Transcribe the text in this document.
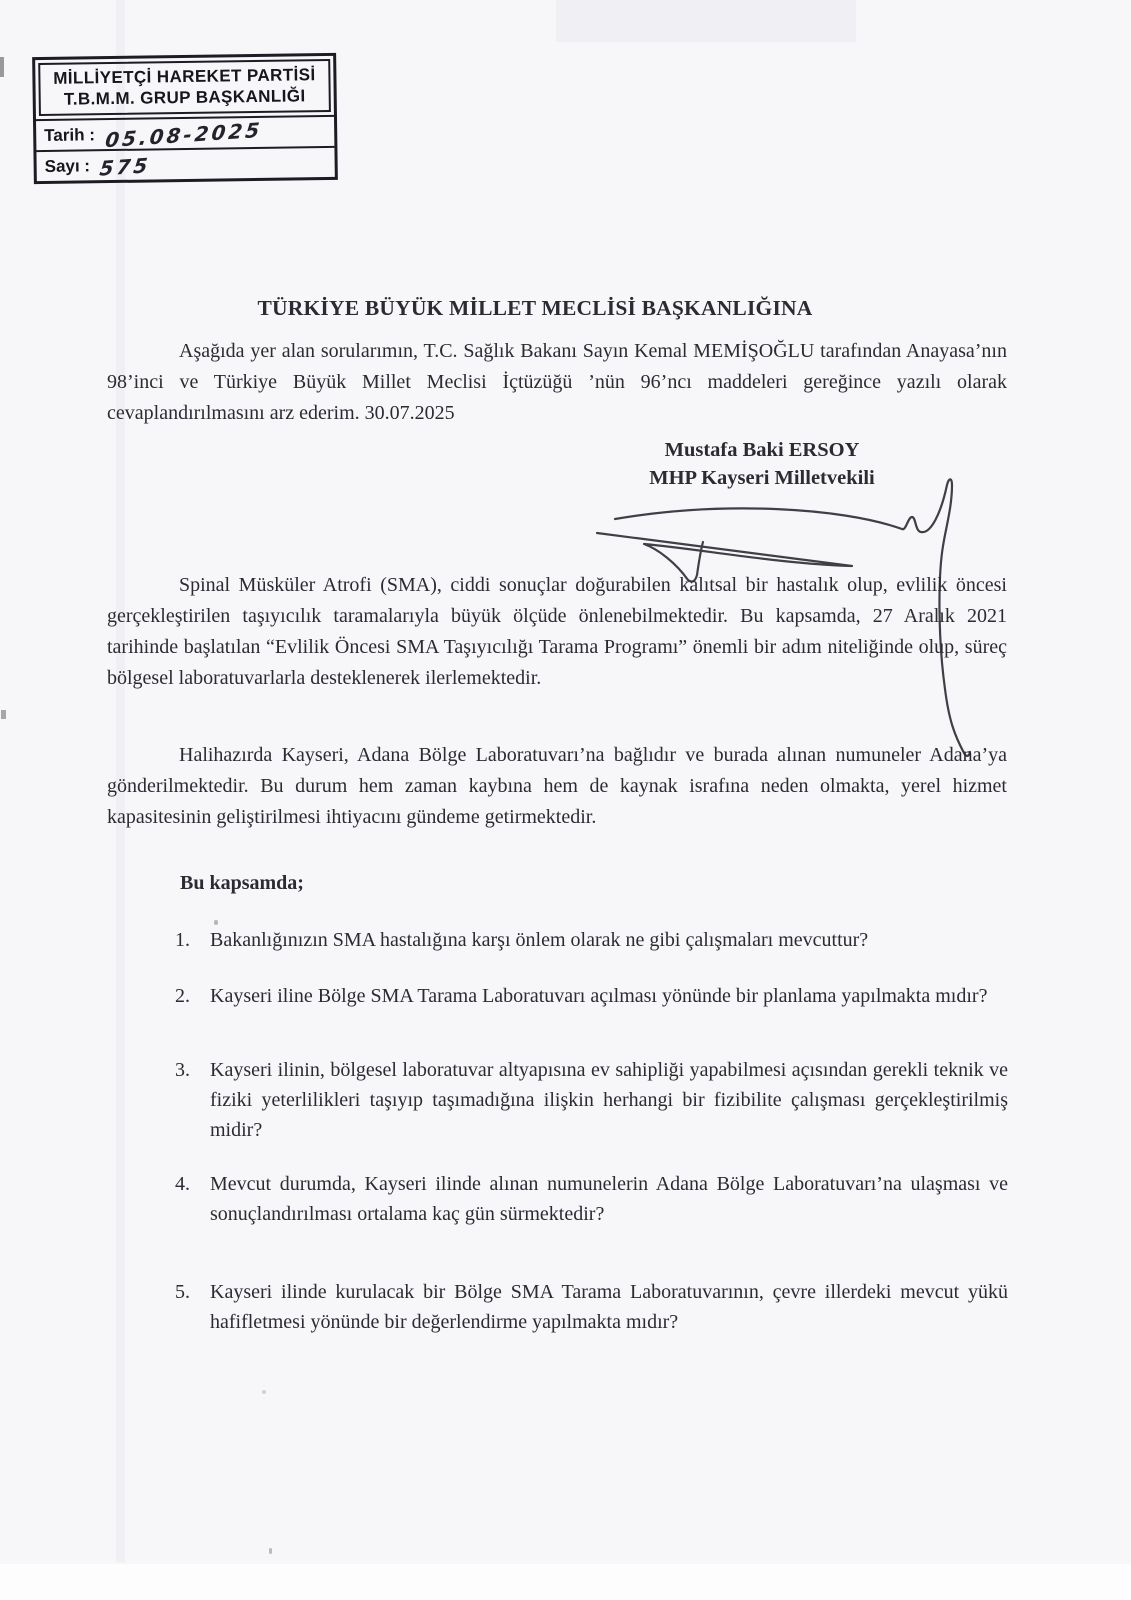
MİLLİYETÇİ HAREKET PARTİSİ
T.B.M.M. GRUP BAŞKANLIĞI
Tarih : 05.08-2025
Sayı : 575
TÜRKİYE BÜYÜK MİLLET MECLİSİ BAŞKANLIĞINA
Aşağıda yer alan sorularımın, T.C. Sağlık Bakanı Sayın Kemal MEMİŞOĞLU tarafından Anayasa’nın 98’inci ve Türkiye Büyük Millet Meclisi İçtüzüğü ’nün 96’ncı maddeleri gereğince yazılı olarak cevaplandırılmasını arz ederim. 30.07.2025
Mustafa Baki ERSOY
MHP Kayseri Milletvekili
Spinal Müsküler Atrofi (SMA), ciddi sonuçlar doğurabilen kalıtsal bir hastalık olup, evlilik öncesi gerçekleştirilen taşıyıcılık taramalarıyla büyük ölçüde önlenebilmektedir. Bu kapsamda, 27 Aralık 2021 tarihinde başlatılan “Evlilik Öncesi SMA Taşıyıcılığı Tarama Programı” önemli bir adım niteliğinde olup, süreç bölgesel laboratuvarlarla desteklenerek ilerlemektedir.
Halihazırda Kayseri, Adana Bölge Laboratuvarı’na bağlıdır ve burada alınan numuneler Adana’ya gönderilmektedir. Bu durum hem zaman kaybına hem de kaynak israfına neden olmakta, yerel hizmet kapasitesinin geliştirilmesi ihtiyacını gündeme getirmektedir.
Bu kapsamda;
1.	Bakanlığınızın SMA hastalığına karşı önlem olarak ne gibi çalışmaları mevcuttur?
2.	Kayseri iline Bölge SMA Tarama Laboratuvarı açılması yönünde bir planlama yapılmakta mıdır?
3.	Kayseri ilinin, bölgesel laboratuvar altyapısına ev sahipliği yapabilmesi açısından gerekli teknik ve fiziki yeterlilikleri taşıyıp taşımadığına ilişkin herhangi bir fizibilite çalışması gerçekleştirilmiş midir?
4.	Mevcut durumda, Kayseri ilinde alınan numunelerin Adana Bölge Laboratuvarı’na ulaşması ve sonuçlandırılması ortalama kaç gün sürmektedir?
5.	Kayseri ilinde kurulacak bir Bölge SMA Tarama Laboratuvarının, çevre illerdeki mevcut yükü hafifletmesi yönünde bir değerlendirme yapılmakta mıdır?
